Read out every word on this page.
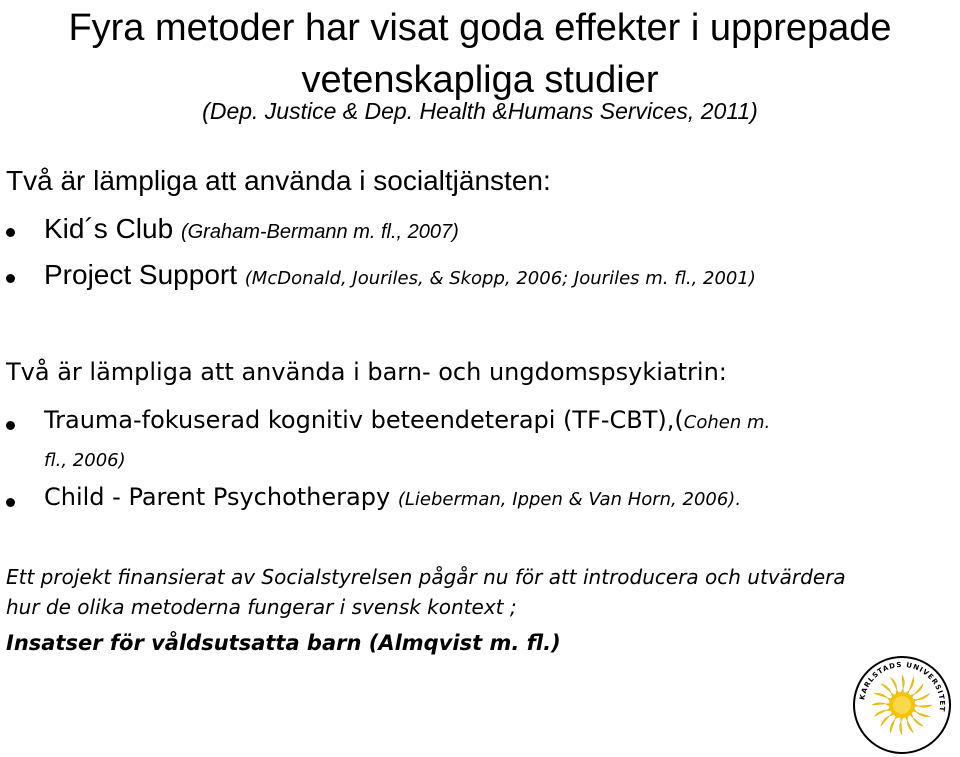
Fyra metoder har visat goda effekter i upprepade
vetenskapliga studier
(Dep. Justice & Dep. Health &Humans Services, 2011)
Två är lämpliga att använda i socialtjänsten:
Kid´s Club (Graham-Bermann m. fl., 2007)
Project Support (McDonald, Jouriles, & Skopp, 2006; Jouriles m. fl., 2001)
Två är lämpliga att använda i barn- och ungdomspsykiatrin:
Trauma-fokuserad kognitiv beteendeterapi (TF-CBT),(Cohen m.
fl., 2006)
Child - Parent Psychotherapy (Lieberman, Ippen & Van Horn, 2006).
Ett projekt finansierat av Socialstyrelsen pågår nu för att introducera och utvärdera
hur de olika metoderna fungerar i svensk kontext ;
Insatser för våldsutsatta barn (Almqvist m. fl.)
KARLSTADS UNIVERSITET
